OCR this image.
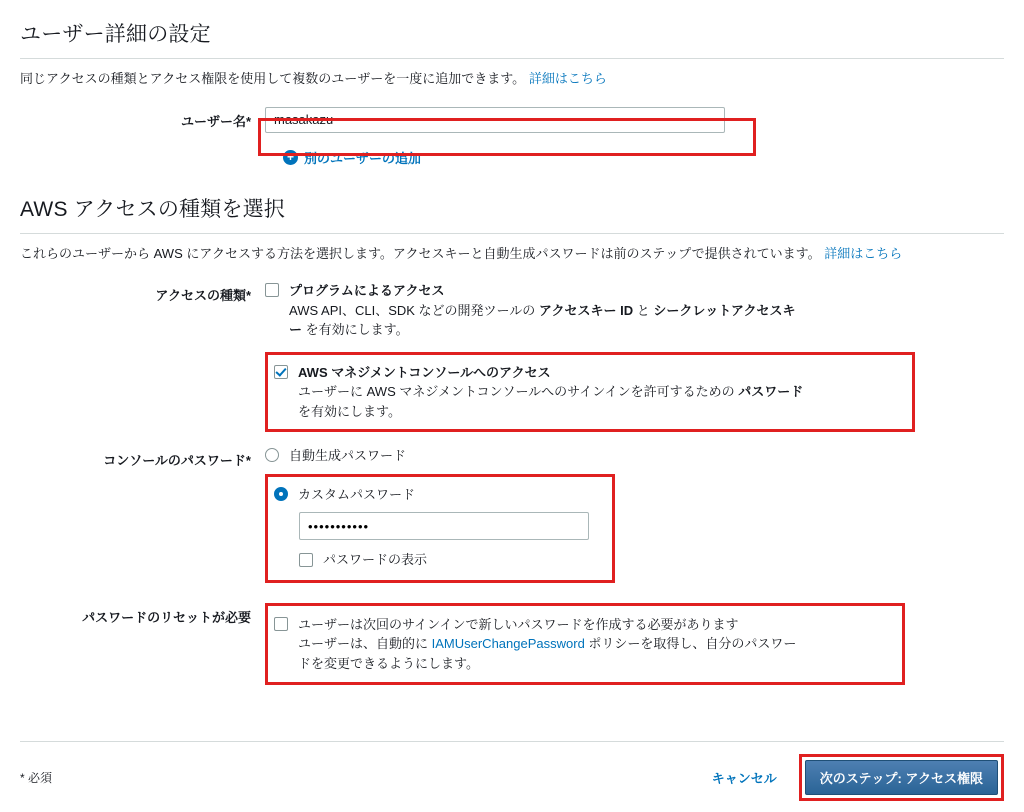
ユーザー詳細の設定
同じアクセスの種類とアクセス権限を使用して複数のユーザーを一度に追加できます。 詳細はこちら
ユーザー名*
masakazu
+ 別のユーザーの追加
AWS アクセスの種類を選択
これらのユーザーから AWS にアクセスする方法を選択します。アクセスキーと自動生成パスワードは前のステップで提供されています。 詳細はこちら
アクセスの種類*	プログラムによるアクセス
AWS API、CLI、SDK などの開発ツールの アクセスキー ID と シークレットアクセスキ
ー を有効にします。
AWS マネジメントコンソールへのアクセス
ユーザーに AWS マネジメントコンソールへのサインインを許可するための パスワード
を有効にします。
コンソールのパスワード*	自動生成パスワード
カスタムパスワード
•••••••••••
パスワードの表示
パスワードのリセットが必要	ユーザーは次回のサインインで新しいパスワードを作成する必要があります
ユーザーは、自動的に IAMUserChangePassword ポリシーを取得し、自分のパスワー
ドを変更できるようにします。
* 必須	キャンセル	次のステップ: アクセス権限
